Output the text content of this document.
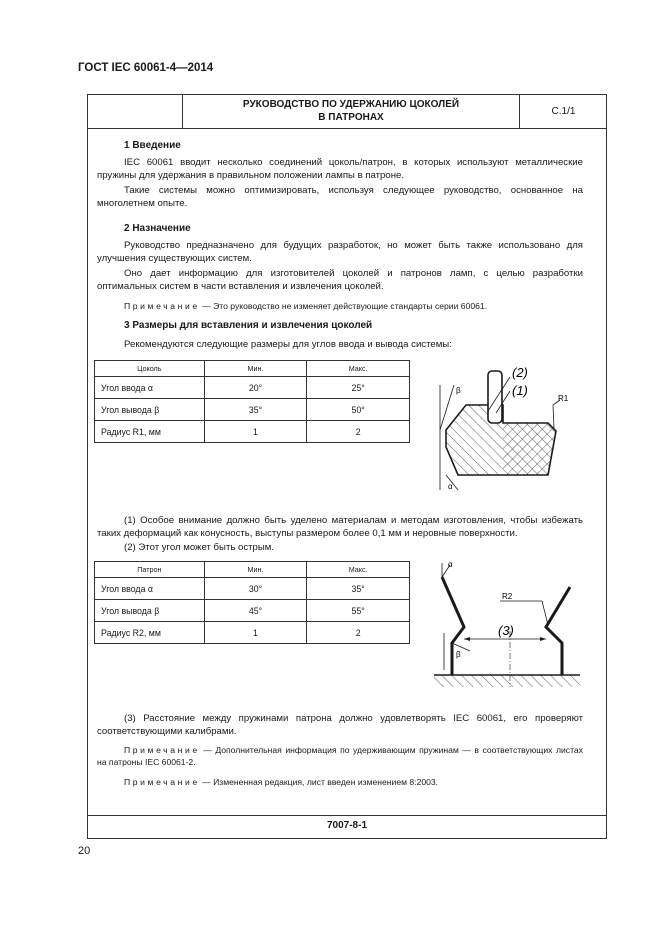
ГОСТ IEC 60061-4—2014
РУКОВОДСТВО ПО УДЕРЖАНИЮ ЦОКОЛЕЙ
В ПАТРОНАХ
С.1/1
1 Введение
IEC 60061 вводит несколько соединений цоколь/патрон, в которых используют металлические пружины для удержания в правильном положении лампы в патроне.
Такие системы можно оптимизировать, используя следующее руководство, основанное на многолетнем опыте.
2 Назначение
Руководство предназначено для будущих разработок, но может быть также использовано для улучшения существующих систем.
Оно дает информацию для изготовителей цоколей и патронов ламп, с целью разработки оптимальных систем в части вставления и извлечения цоколей.
Примечание — Это руководство не изменяет действующие стандарты серии 60061.
3 Размеры для вставления и извлечения цоколей
Рекомендуются следующие размеры для углов ввода и вывода системы:
Цоколь	Мин.	Макс.
Угол ввода α	20°	25°
Угол вывода β	35°	50°
Радиус R1, мм	1	2
β
α
(2)
(1)
R1
(1) Особое внимание должно быть уделено материалам и методам изготовления, чтобы избежать таких деформаций как конусность, выступы размером более 0,1 мм и неровные поверхности.
(2) Этот угол может быть острым.
Патрон	Мин.	Макс.
Угол ввода α	30°	35°
Угол вывода β	45°	55°
Радиус R2, мм	1	2
α
R2
(3)
β
(3) Расстояние между пружинами патрона должно удовлетворять IEC 60061, его проверяют соответствующими калибрами.
Примечание — Дополнительная информация по удерживающим пружинам — в соответствующих листах на патроны IEC 60061-2.
Примечание — Измененная редакция, лист введен изменением 8:2003.
7007-8-1
20
